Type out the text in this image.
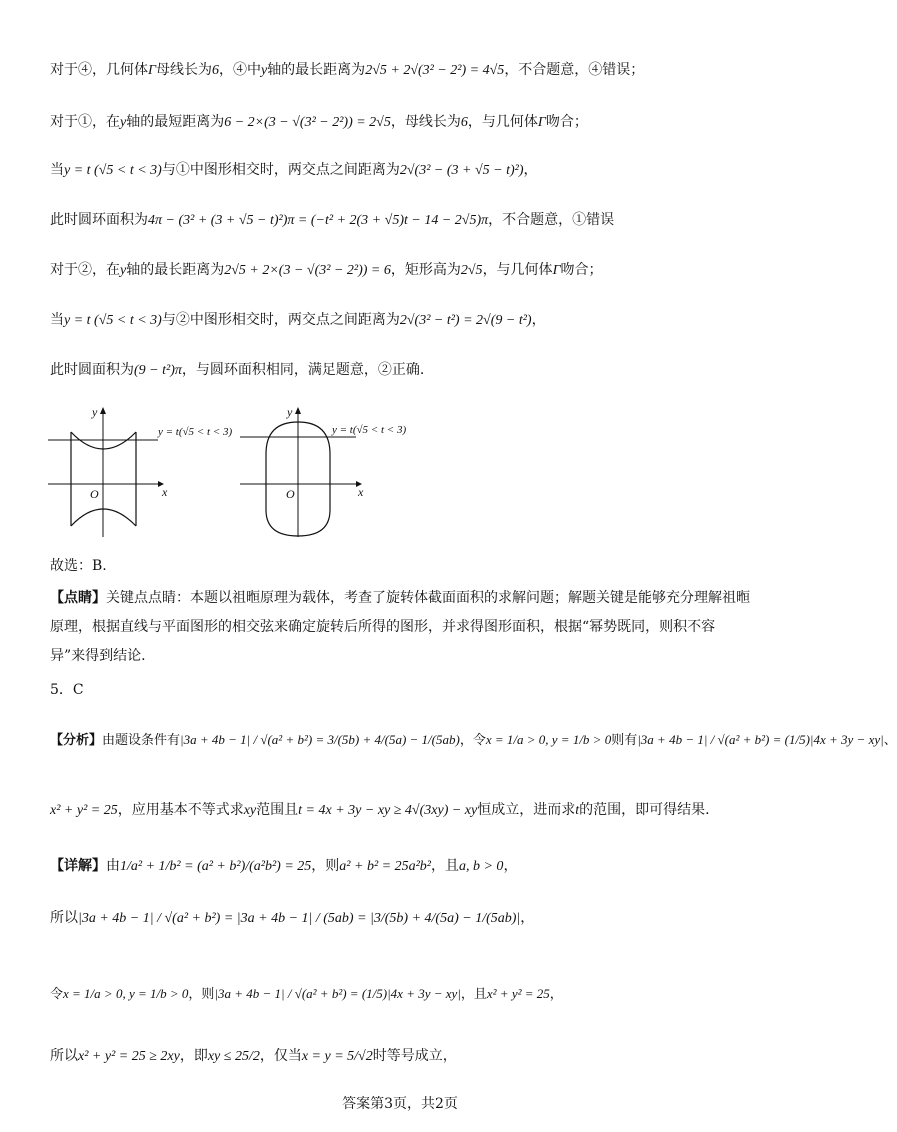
对于④，几何体Γ母线长为6，④中y轴的最长距离为2√5 + 2√(3² − 2²) = 4√5，不合题意，④错误；
对于①，在y轴的最短距离为6 − 2×(3 − √(3² − 2²)) = 2√5，母线长为6，与几何体Γ吻合；
当y = t (√5 < t < 3)与①中图形相交时，两交点之间距离为2√(3² − (3 + √5 − t)²)，
此时圆环面积为4π − (3² + (3 + √5 − t)²)π = (−t² + 2(3 + √5)t − 14 − 2√5)π，不合题意，①错误
对于②，在y轴的最长距离为2√5 + 2×(3 − √(3² − 2²)) = 6，矩形高为2√5，与几何体Γ吻合；
当y = t (√5 < t < 3)与②中图形相交时，两交点之间距离为2√(3² − t²) = 2√(9 − t²)，
此时圆面积为(9 − t²)π，与圆环面积相同，满足题意，②正确.
O	x
y
y = t(√5 < t < 3)
O	x
y
y = t(√5 < t < 3)
故选：B.
【点睛】关键点点睛：本题以祖暅原理为载体，考查了旋转体截面面积的求解问题；解题关键是能够充分理解祖暅原理，根据直线与平面图形的相交弦来确定旋转后所得的图形，并求得图形面积，根据“幂势既同，则积不容异”来得到结论.
5．C
【分析】由题设条件有|3a + 4b − 1| / √(a² + b²) = 3/(5b) + 4/(5a) − 1/(5ab)，令x = 1/a > 0, y = 1/b > 0则有|3a + 4b − 1| / √(a² + b²) = (1/5)|4x + 3y − xy|、
x² + y² = 25，应用基本不等式求xy范围且t = 4x + 3y − xy ≥ 4√(3xy) − xy恒成立，进而求t的范围，即可得结果.
【详解】由1/a² + 1/b² = (a² + b²)/(a²b²) = 25，则a² + b² = 25a²b²，且a, b > 0，
所以|3a + 4b − 1| / √(a² + b²) = |3a + 4b − 1| / (5ab) = |3/(5b) + 4/(5a) − 1/(5ab)|，
令x = 1/a > 0, y = 1/b > 0，则|3a + 4b − 1| / √(a² + b²) = (1/5)|4x + 3y − xy|，且x² + y² = 25，
所以x² + y² = 25 ≥ 2xy，即xy ≤ 25/2，仅当x = y = 5/√2时等号成立，
答案第3页，共2页
